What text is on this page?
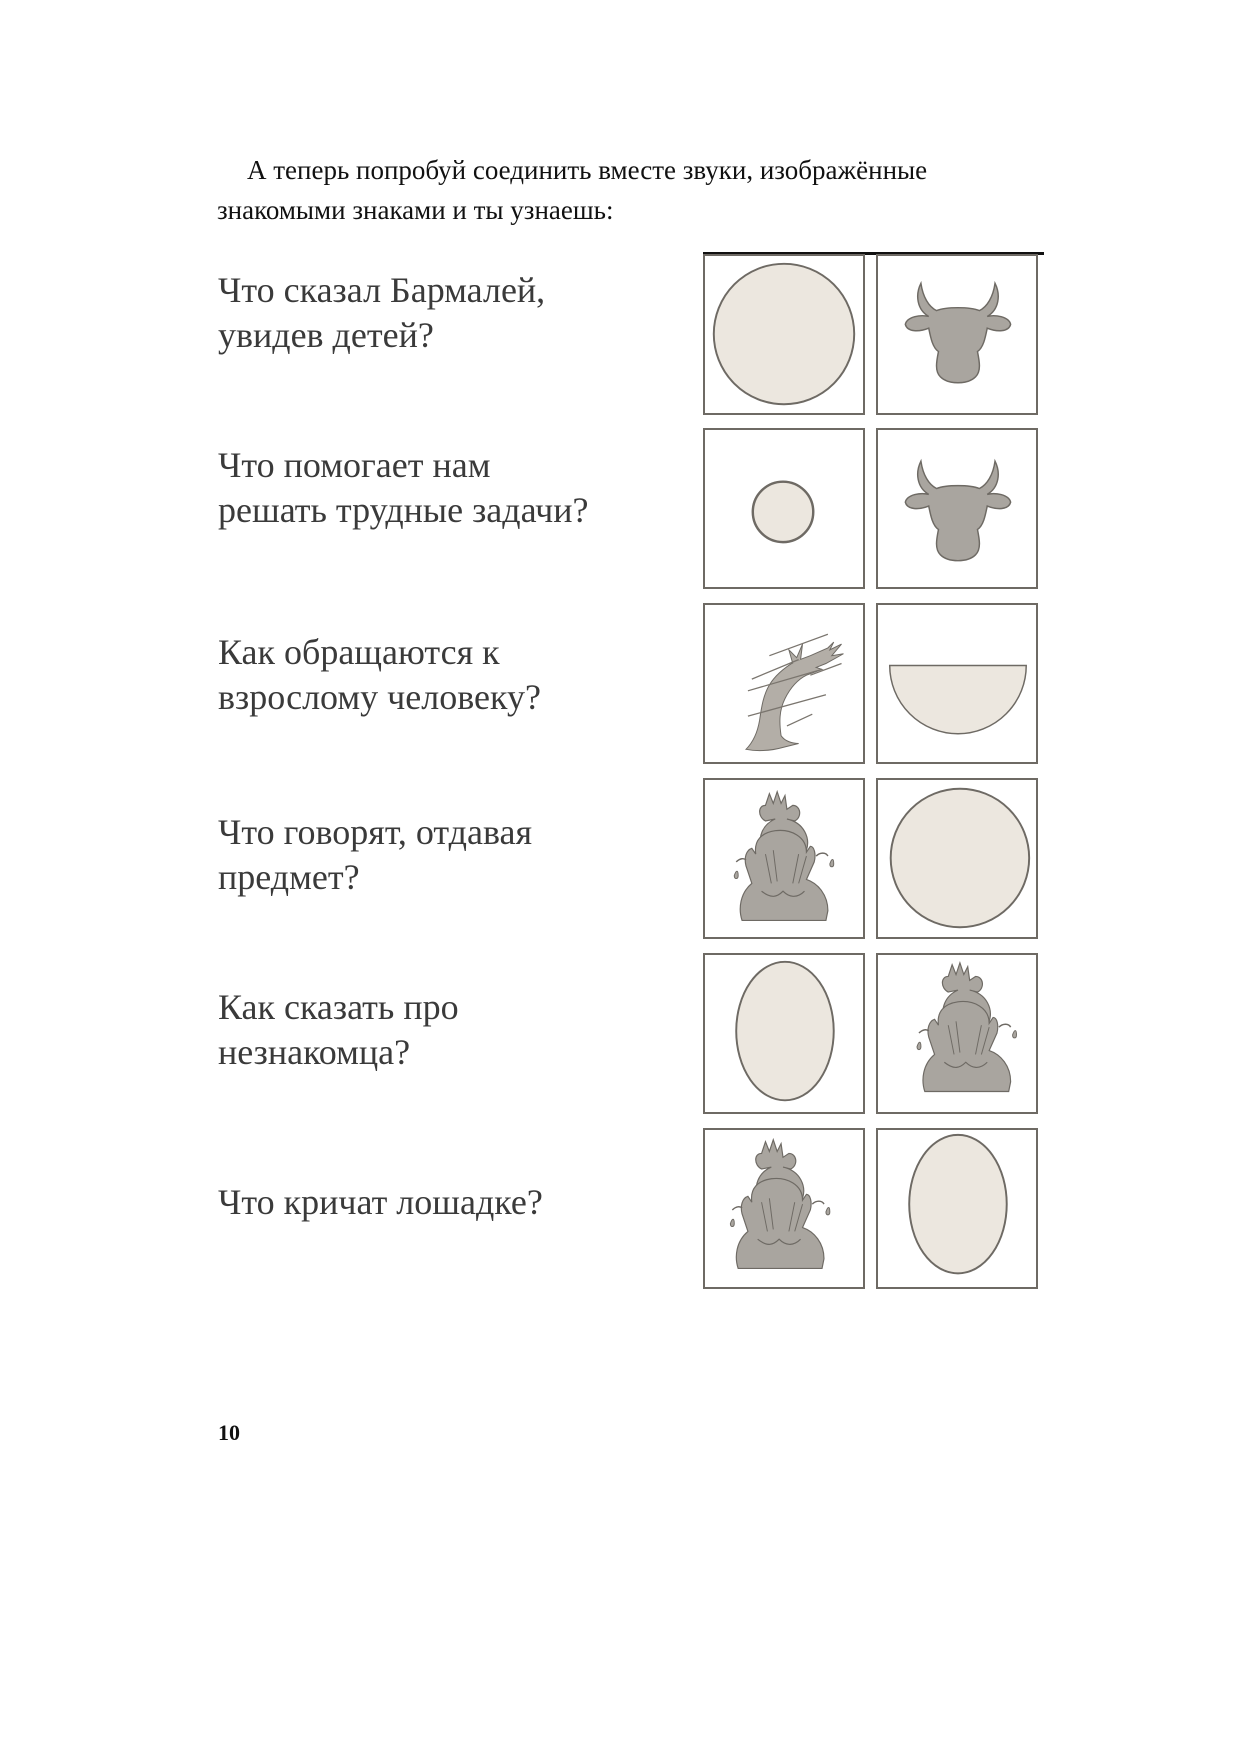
А теперь попробуй соединить вместе звуки, изображённые
знакомыми знаками и ты узнаешь:
Что сказал Бармалей,
увидев детей?
Что помогает нам
решать трудные задачи?
Как обращаются к
взрослому человеку?
Что говорят, отдавая
предмет?
Как сказать про
незнакомца?
Что кричат лошадке?
10
